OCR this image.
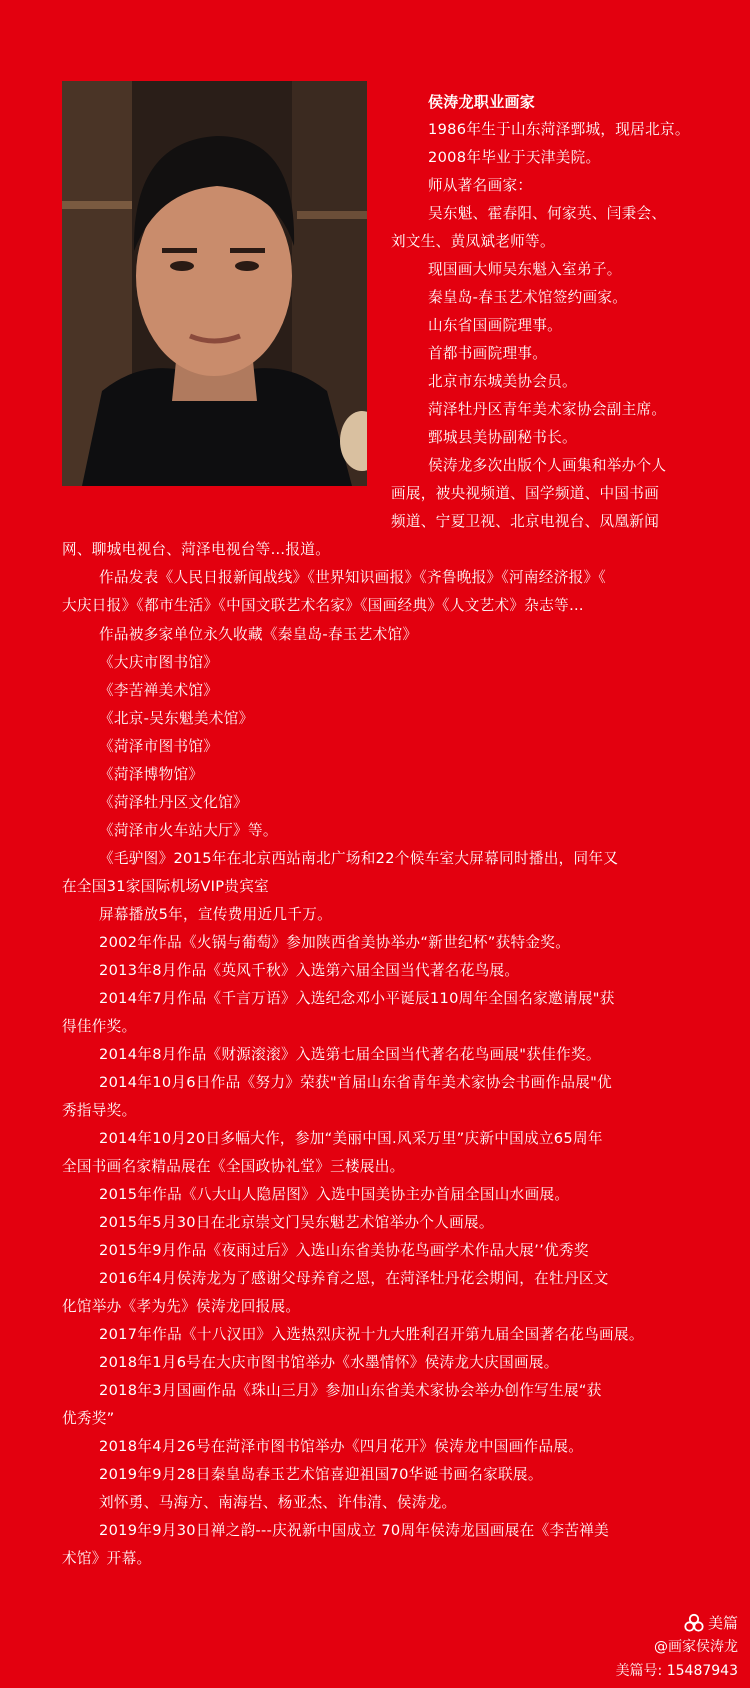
侯涛龙职业画家
1986年生于山东菏泽鄄城，现居北京。
2008年毕业于天津美院。
师从著名画家：
吴东魁、霍春阳、何家英、闫秉会、
刘文生、黄凤斌老师等。
现国画大师吴东魁入室弟子。
秦皇岛-春玉艺术馆签约画家。
山东省国画院理事。
首都书画院理事。
北京市东城美协会员。
菏泽牡丹区青年美术家协会副主席。
鄄城县美协副秘书长。
侯涛龙多次出版个人画集和举办个人
画展，被央视频道、国学频道、中国书画
频道、宁夏卫视、北京电视台、凤凰新闻
网、聊城电视台、菏泽电视台等…报道。
作品发表《人民日报新闻战线》《世界知识画报》《齐鲁晚报》《河南经济报》《
大庆日报》《都市生活》《中国文联艺术名家》《国画经典》《人文艺术》杂志等…
作品被多家单位永久收藏《秦皇岛-春玉艺术馆》
《大庆市图书馆》
《李苦禅美术馆》
《北京-吴东魁美术馆》
《菏泽市图书馆》
《菏泽博物馆》
《菏泽牡丹区文化馆》
《菏泽市火车站大厅》等。
《毛驴图》2015年在北京西站南北广场和22个候车室大屏幕同时播出，同年又
在全国31家国际机场VIP贵宾室
屏幕播放5年，宣传费用近几千万。
2002年作品《火锅与葡萄》参加陕西省美协举办“新世纪杯”获特金奖。
2013年8月作品《英风千秋》入选第六届全国当代著名花鸟展。
2014年7月作品《千言万语》入选纪念邓小平诞辰110周年全国名家邀请展"获
得佳作奖。
2014年8月作品《财源滚滚》入选第七届全国当代著名花鸟画展"获佳作奖。
2014年10月6日作品《努力》荣获"首届山东省青年美术家协会书画作品展"优
秀指导奖。
2014年10月20日多幅大作，参加“美丽中国.风采万里”庆新中国成立65周年
全国书画名家精品展在《全国政协礼堂》三楼展出。
2015年作品《八大山人隐居图》入选中国美协主办首届全国山水画展。
2015年5月30日在北京崇文门吴东魁艺术馆举办个人画展。
2015年9月作品《夜雨过后》入选山东省美协花鸟画学术作品大展’’优秀奖
2016年4月侯涛龙为了感谢父母养育之恩，在菏泽牡丹花会期间，在牡丹区文
化馆举办《孝为先》侯涛龙回报展。
2017年作品《十八汉田》入选热烈庆祝十九大胜利召开第九届全国著名花鸟画展。
2018年1月6号在大庆市图书馆举办《水墨情怀》侯涛龙大庆国画展。
2018年3月国画作品《珠山三月》参加山东省美术家协会举办创作写生展“获
优秀奖”
2018年4月26号在菏泽市图书馆举办《四月花开》侯涛龙中国画作品展。
2019年9月28日秦皇岛春玉艺术馆喜迎祖国70华诞书画名家联展。
刘怀勇、马海方、南海岩、杨亚杰、许伟清、侯涛龙。
2019年9月30日禅之韵---庆祝新中国成立 70周年侯涛龙国画展在《李苦禅美
术馆》开幕。
美篇
@画家侯涛龙
美篇号: 15487943
